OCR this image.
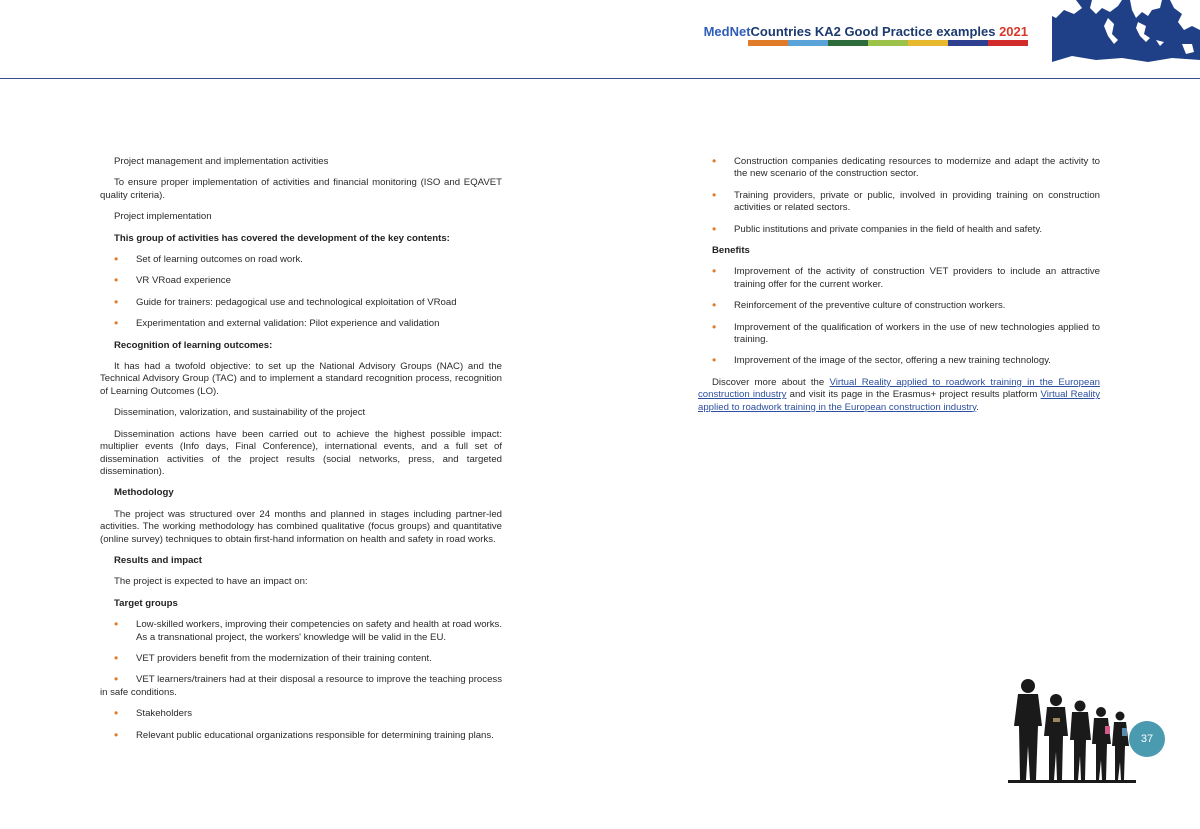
MedNetCountries KA2 Good Practice examples 2021

Project management and implementation activities

To ensure proper implementation of activities and financial monitoring (ISO and EQAVET quality criteria).

Project implementation

This group of activities has covered the development of the key contents:

• Set of learning outcomes on road work.

• VR VRoad experience

• Guide for trainers: pedagogical use and technological exploitation of VRoad

• Experimentation and external validation: Pilot experience and validation

Recognition of learning outcomes:

It has had a twofold objective: to set up the National Advisory Groups (NAC) and the Technical Advisory Group (TAC) and to implement a standard recognition process, recognition of Learning Outcomes (LO).

Dissemination, valorization, and sustainability of the project

Dissemination actions have been carried out to achieve the highest possible impact: multiplier events (Info days, Final Conference), international events, and a full set of dissemination activities of the project results (social networks, press, and targeted dissemination).

Methodology

The project was structured over 24 months and planned in stages including partner-led activities. The working methodology has combined qualitative (focus groups) and quantitative (online survey) techniques to obtain first-hand information on health and safety in road works.

Results and impact

The project is expected to have an impact on:

Target groups

• Low-skilled workers, improving their competencies on safety and health at road works. As a transnational project, the workers' knowledge will be valid in the EU.

• VET providers benefit from the modernization of their training content.

• VET learners/trainers had at their disposal a resource to improve the teaching process in safe conditions.

• Stakeholders

• Relevant public educational organizations responsible for determining training plans.

• Construction companies dedicating resources to modernize and adapt the activity to the new scenario of the construction sector.

• Training providers, private or public, involved in providing training on construction activities or related sectors.

• Public institutions and private companies in the field of health and safety.

Benefits

• Improvement of the activity of construction VET providers to include an attractive training offer for the current worker.

• Reinforcement of the preventive culture of construction workers.

• Improvement of the qualification of workers in the use of new technologies applied to training.

• Improvement of the image of the sector, offering a new training technology.

Discover more about the Virtual Reality applied to roadwork training in the European construction industry and visit its page in the Erasmus+ project results platform Virtual Reality applied to roadwork training in the European construction industry.

37
